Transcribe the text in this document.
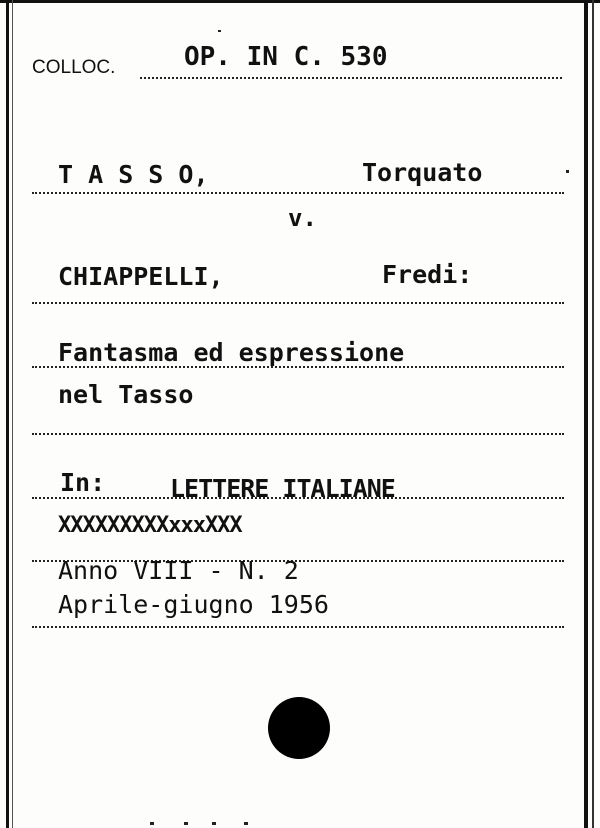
COLLOC.	OP. IN C. 530
T A S S O,	Torquato
v.
CHIAPPELLI,	Fredi:
Fantasma ed espressione
nel Tasso
In:	LETTERE ITALIANE
XXXXXXXXXxxxXXX
Anno VIII - N. 2
Aprile-giugno 1956
